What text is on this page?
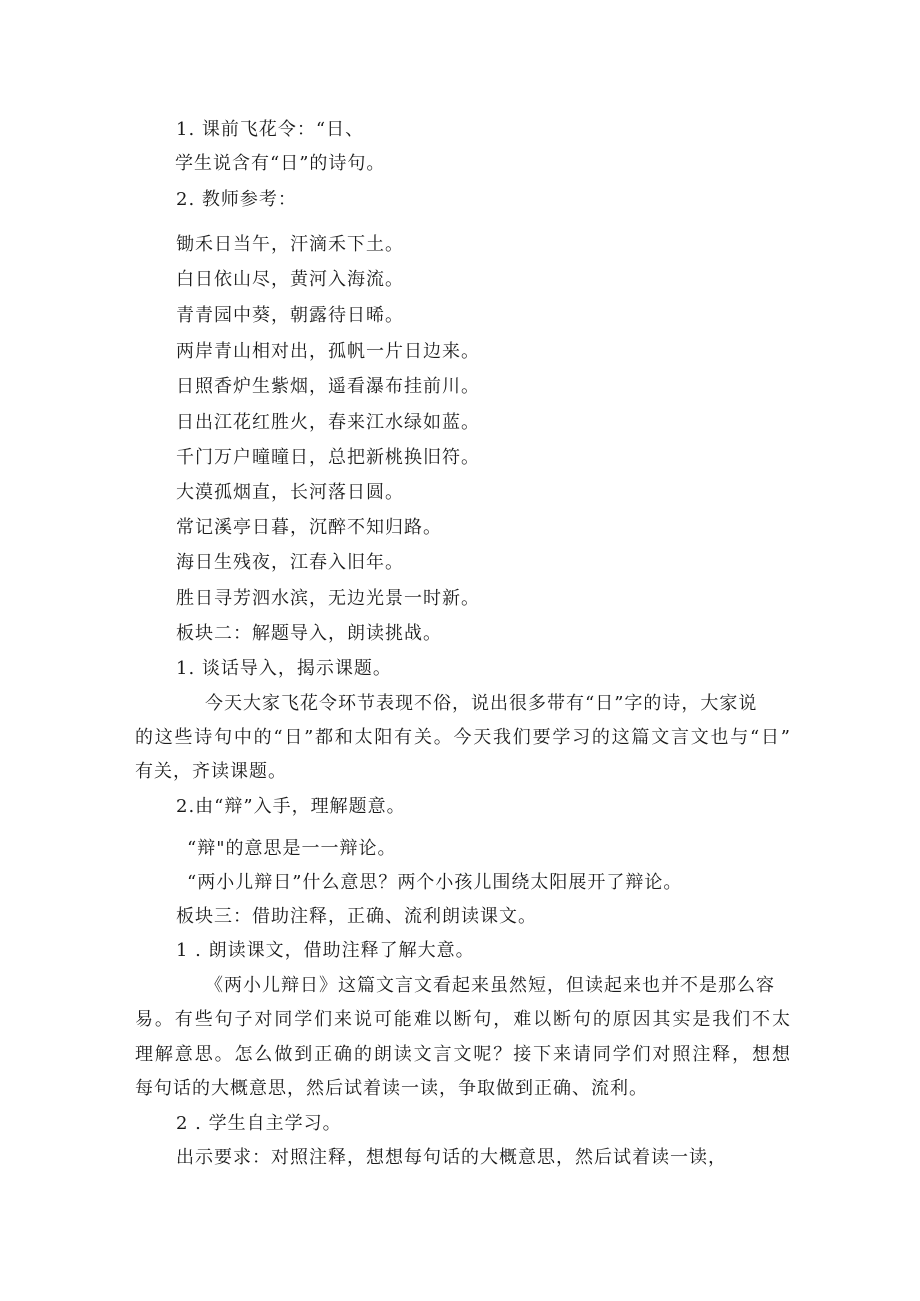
1. 课前飞花令：“日、
学生说含有“日”的诗句。
2. 教师参考：
锄禾日当午，汗滴禾下土。
白日依山尽，黄河入海流。
青青园中葵，朝露待日晞。
两岸青山相对出，孤帆一片日边来。
日照香炉生紫烟，遥看瀑布挂前川。
日出江花红胜火，春来江水绿如蓝。
千门万户曈曈日，总把新桃换旧符。
大漠孤烟直，长河落日圆。
常记溪亭日暮，沉醉不知归路。
海日生残夜，江春入旧年。
胜日寻芳泗水滨，无边光景一时新。
板块二：解题导入，朗读挑战。
1. 谈话导入，揭示课题。
今天大家飞花令环节表现不俗，说出很多带有“日”字的诗，大家说
的这些诗句中的“日”都和太阳有关。今天我们要学习的这篇文言文也与“日”
有关，齐读课题。
2.由“辩”入手，理解题意。
“辩"的意思是一一辩论。
“两小儿辩日”什么意思？两个小孩儿围绕太阳展开了辩论。
板块三：借助注释，正确、流利朗读课文。
1 . 朗读课文，借助注释了解大意。
《两小儿辩日》这篇文言文看起来虽然短，但读起来也并不是那么容
易。有些句子对同学们来说可能难以断句，难以断句的原因其实是我们不太
理解意思。怎么做到正确的朗读文言文呢？接下来请同学们对照注释，想想
每句话的大概意思，然后试着读一读，争取做到正确、流利。
2 . 学生自主学习。
出示要求：对照注释，想想每句话的大概意思，然后试着读一读，
